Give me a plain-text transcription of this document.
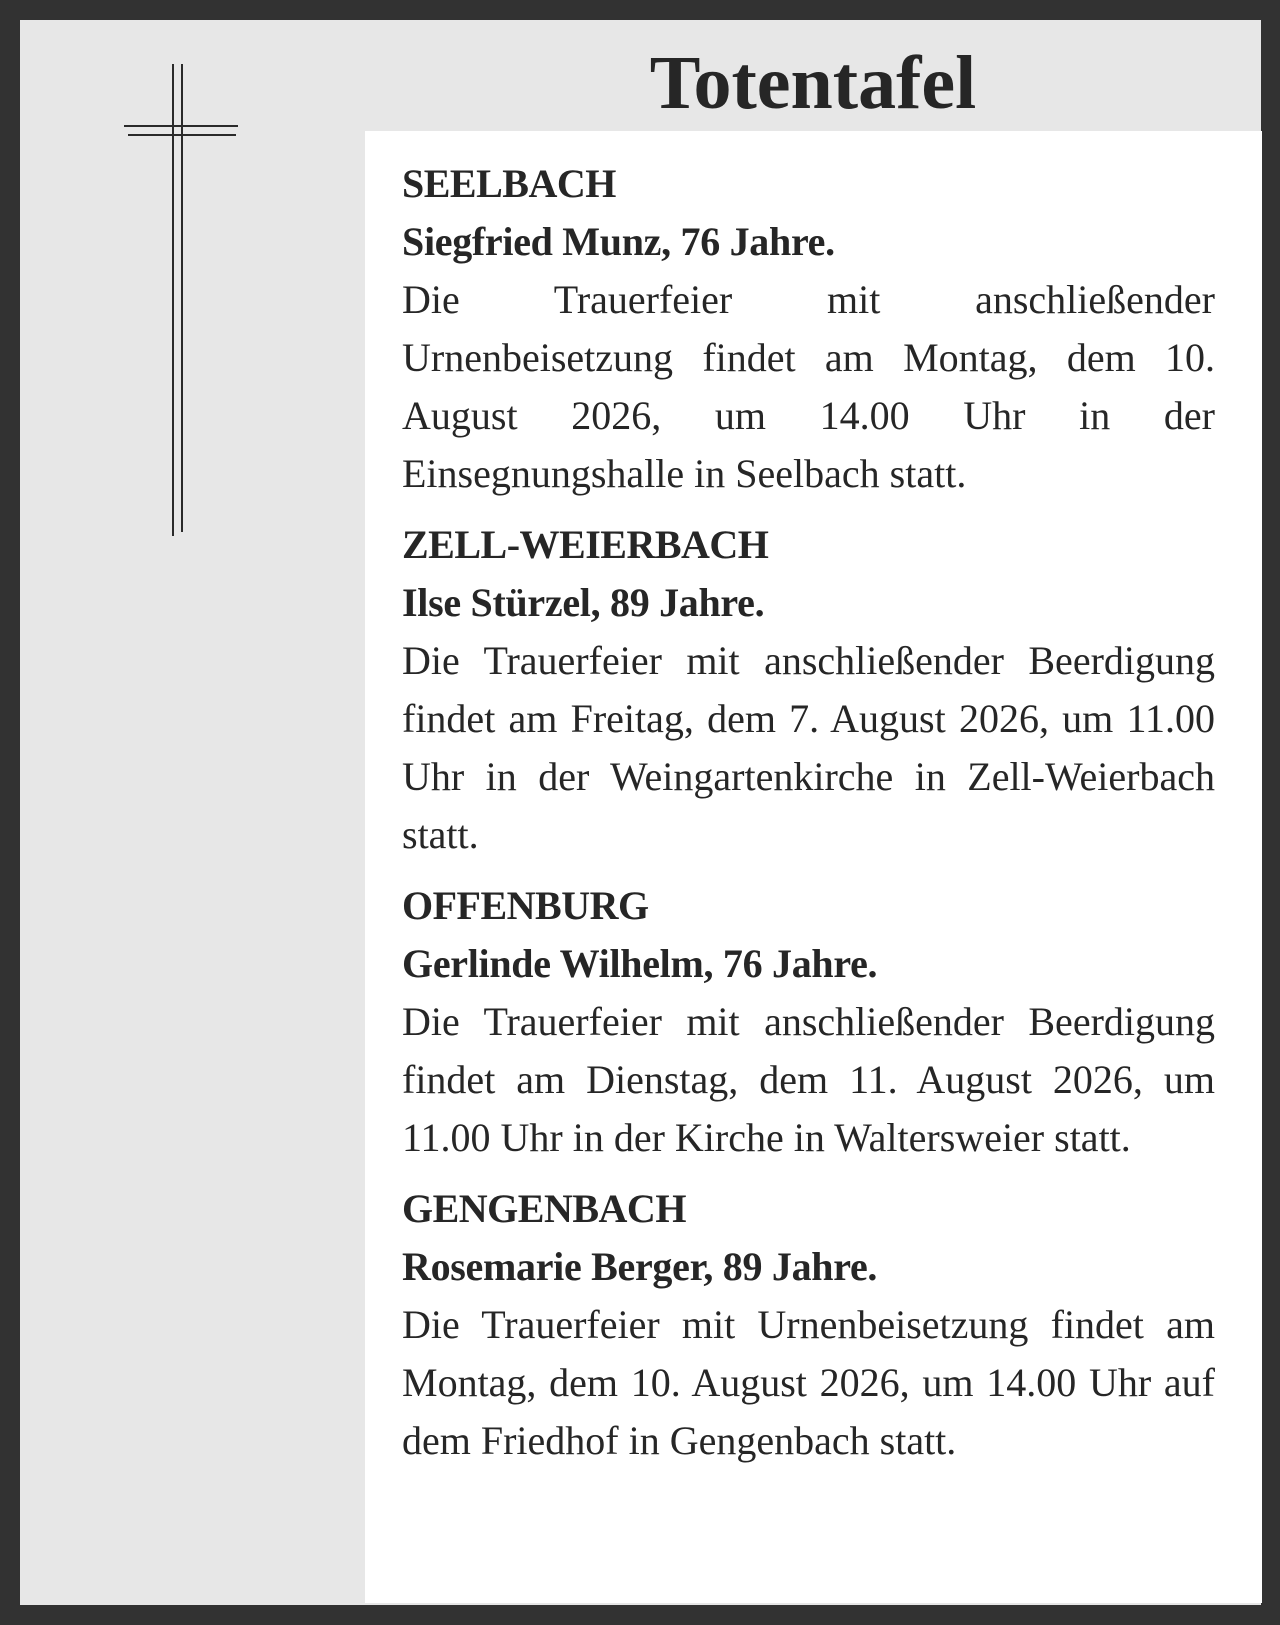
Totentafel

SEELBACH

Siegfried Munz, 76 Jahre.

Die Trauerfeier mit anschließender Urnenbeisetzung findet am Montag, dem 10. August 2026, um 14.00 Uhr in der Einsegnungshalle in Seelbach statt.

ZELL-WEIERBACH

Ilse Stürzel, 89 Jahre.

Die Trauerfeier mit anschließender Beerdigung findet am Freitag, dem 7. August 2026, um 11.00 Uhr in der Weingartenkirche in Zell-Weierbach statt.

OFFENBURG

Gerlinde Wilhelm, 76 Jahre.

Die Trauerfeier mit anschließender Beerdigung findet am Dienstag, dem 11. August 2026, um 11.00 Uhr in der Kirche in Waltersweier statt.

GENGENBACH

Rosemarie Berger, 89 Jahre.

Die Trauerfeier mit Urnenbeisetzung findet am Montag, dem 10. August 2026, um 14.00 Uhr auf dem Friedhof in Gengenbach statt.
